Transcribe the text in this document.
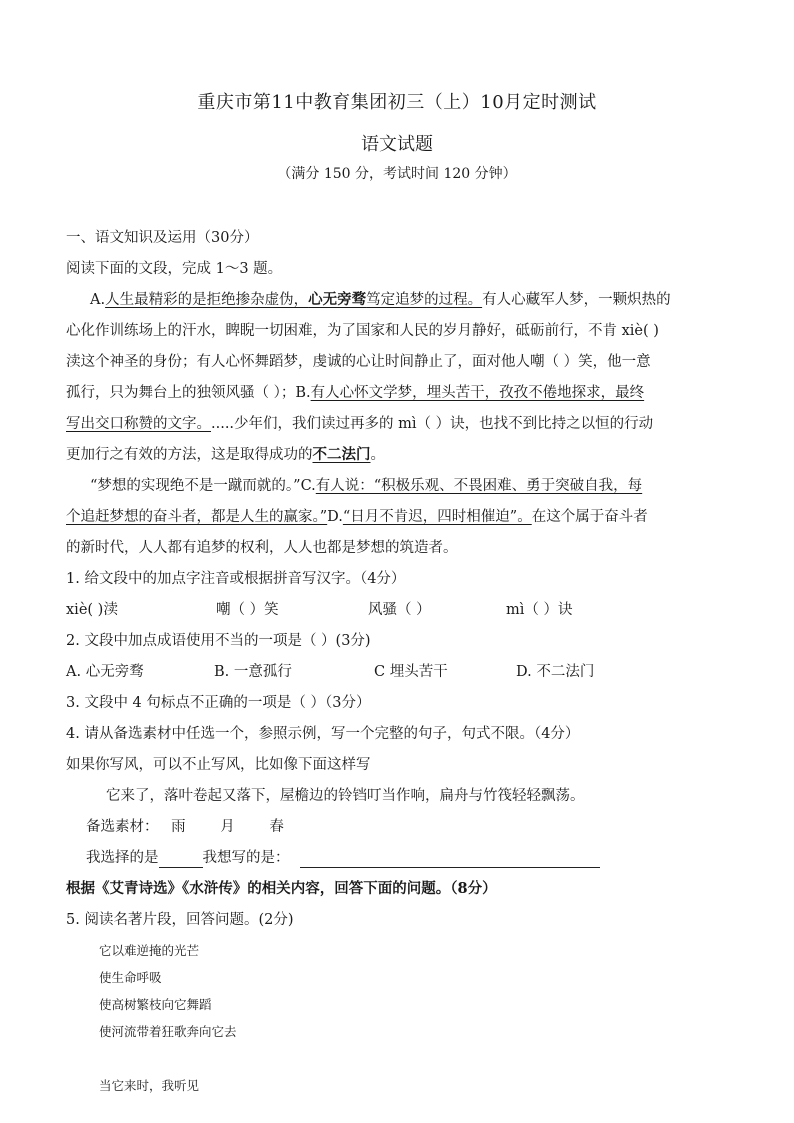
重庆市第11中教育集团初三（上）10月定时测试
语文试题
（满分 150 分，考试时间 120 分钟）
一、语文知识及运用（30分）
阅读下面的文段，完成 1～3 题。
A.人生最精彩的是拒绝掺杂虚伪，心无旁骛笃定追梦的过程。有人心藏军人梦，一颗炽热的
心化作训练场上的汗水，睥睨一切困难，为了国家和人民的岁月静好，砥砺前行，不肯 xiè( )
渎这个神圣的身份；有人心怀舞蹈梦，虔诚的心让时间静止了，面对他人嘲（ ）笑，他一意
孤行，只为舞台上的独领风骚（ ）；B.有人心怀文学梦，埋头苦干，孜孜不倦地探求，最终
写出交口称赞的文字。.....少年们，我们读过再多的 mì（ ）诀，也找不到比持之以恒的行动
更加行之有效的方法，这是取得成功的不二法门。
“梦想的实现绝不是一蹴而就的。”C.有人说：“积极乐观、不畏困难、勇于突破自我，每
个追赶梦想的奋斗者，都是人生的赢家。”D.“日月不肯迟，四时相催迫”。在这个属于奋斗者
的新时代，人人都有追梦的权利，人人也都是梦想的筑造者。
1. 给文段中的加点字注音或根据拼音写汉字。（4分）
xiè( )渎	嘲（ ）笑	风骚（ ）	mì（ ）诀
2. 文段中加点成语使用不当的一项是（ ）(3分)
A. 心无旁骛	B. 一意孤行	C 埋头苦干	D. 不二法门
3. 文段中 4 句标点不正确的一项是（ ）（3分）
4. 请从备选素材中任选一个，参照示例，写一个完整的句子，句式不限。（4分）
如果你写风，可以不止写风，比如像下面这样写
它来了，落叶卷起又落下，屋檐边的铃铛叮当作响，扁舟与竹筏轻轻飘荡。
备选素材： 雨 月 春
我选择的是	我想写的是：
根据《艾青诗选》《水浒传》的相关内容，回答下面的问题。（8分）
5. 阅读名著片段，回答问题。(2分)
它以难逆掩的光芒
使生命呼吸
使高树繁枝向它舞蹈
使河流带着狂歌奔向它去
当它来时，我听见
